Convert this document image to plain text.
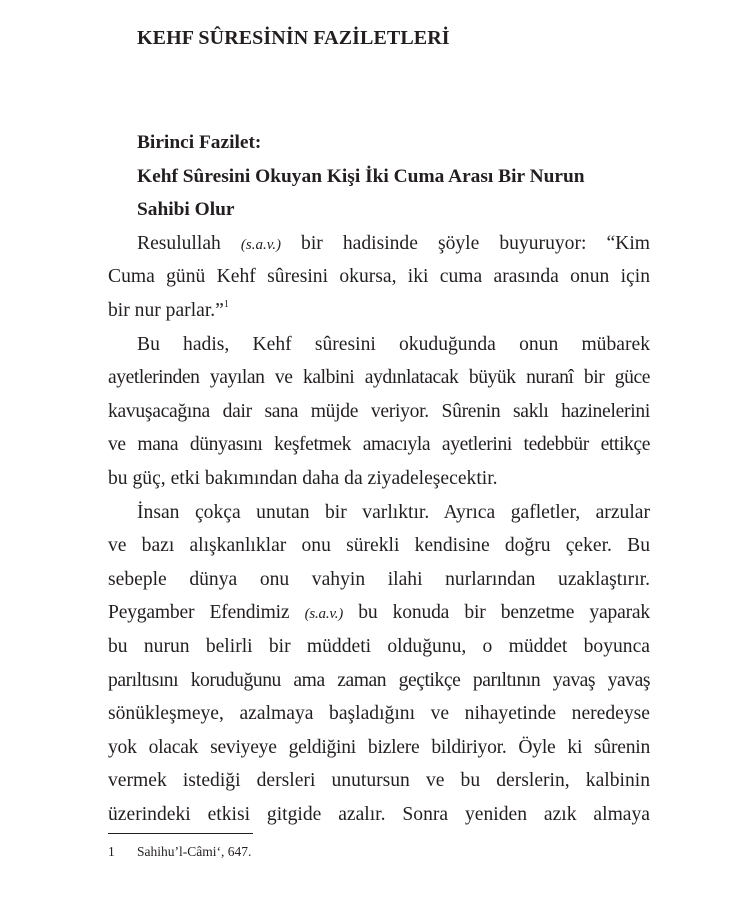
KEHF SÛRESİNİN FAZİLETLERİ
Birinci Fazilet:
Kehf Sûresini Okuyan Kişi İki Cuma Arası Bir Nurun
Sahibi Olur
Resulullah (s.a.v.) bir hadisinde şöyle buyuruyor: “Kim
Cuma günü Kehf sûresini okursa, iki cuma arasında onun için
bir nur parlar.”$^1$
Bu hadis, Kehf sûresini okuduğunda onun mübarek
ayetlerinden yayılan ve kalbini aydınlatacak büyük nuranî bir güce
kavuşacağına dair sana müjde veriyor. Sûrenin saklı hazinelerini
ve mana dünyasını keşfetmek amacıyla ayetlerini tedebbür ettikçe
bu güç, etki bakımından daha da ziyadeleşecektir.
İnsan çokça unutan bir varlıktır. Ayrıca gafletler, arzular
ve bazı alışkanlıklar onu sürekli kendisine doğru çeker. Bu
sebeple dünya onu vahyin ilahi nurlarından uzaklaştırır.
Peygamber Efendimiz (s.a.v.) bu konuda bir benzetme yaparak
bu nurun belirli bir müddeti olduğunu, o müddet boyunca
parıltısını koruduğunu ama zaman geçtikçe parıltının yavaş yavaş
sönükleşmeye, azalmaya başladığını ve nihayetinde neredeyse
yok olacak seviyeye geldiğini bizlere bildiriyor. Öyle ki sûrenin
vermek istediği dersleri unutursun ve bu derslerin, kalbinin
üzerindeki etkisi gitgide azalır. Sonra yeniden azık almaya
1 Sahihu’l-Câmi‘, 647.
